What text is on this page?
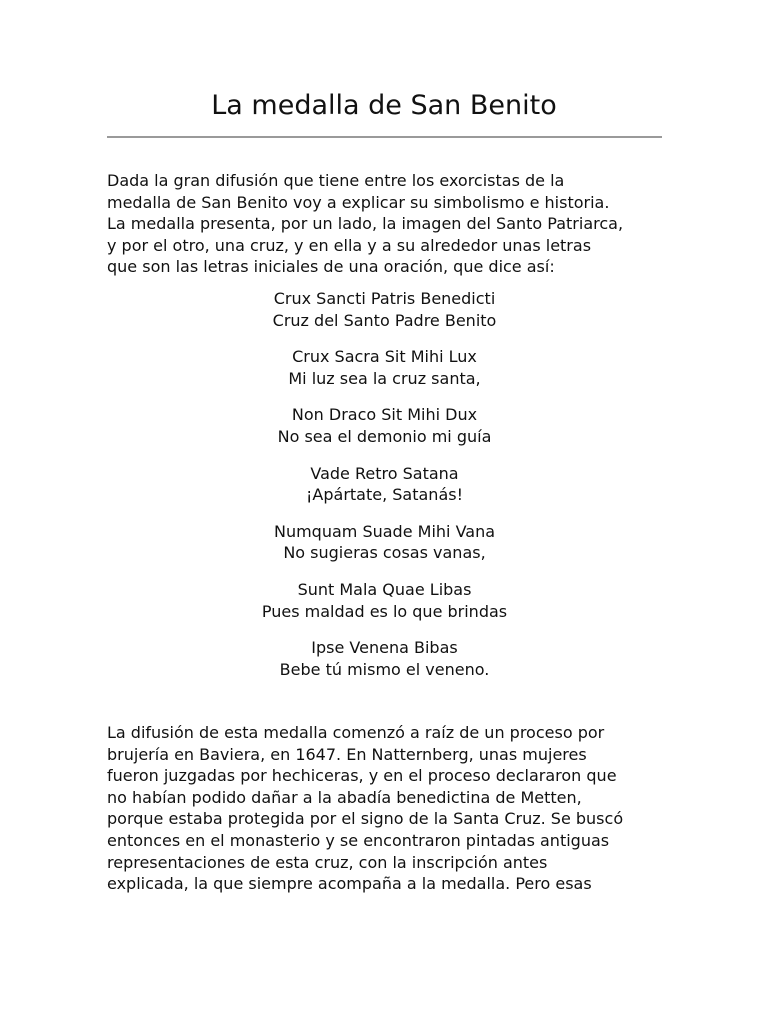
La medalla de San Benito

Dada la gran difusión que tiene entre los exorcistas de la
medalla de San Benito voy a explicar su simbolismo e historia.
La medalla presenta, por un lado, la imagen del Santo Patriarca,
y por el otro, una cruz, y en ella y a su alrededor unas letras
que son las letras iniciales de una oración, que dice así:

Crux Sancti Patris Benedicti
Cruz del Santo Padre Benito
Crux Sacra Sit Mihi Lux
Mi luz sea la cruz santa,
Non Draco Sit Mihi Dux
No sea el demonio mi guía
Vade Retro Satana
¡Apártate, Satanás!
Numquam Suade Mihi Vana
No sugieras cosas vanas,
Sunt Mala Quae Libas
Pues maldad es lo que brindas
Ipse Venena Bibas
Bebe tú mismo el veneno.

La difusión de esta medalla comenzó a raíz de un proceso por
brujería en Baviera, en 1647. En Natternberg, unas mujeres
fueron juzgadas por hechiceras, y en el proceso declararon que
no habían podido dañar a la abadía benedictina de Metten,
porque estaba protegida por el signo de la Santa Cruz. Se buscó
entonces en el monasterio y se encontraron pintadas antiguas
representaciones de esta cruz, con la inscripción antes
explicada, la que siempre acompaña a la medalla. Pero esas
